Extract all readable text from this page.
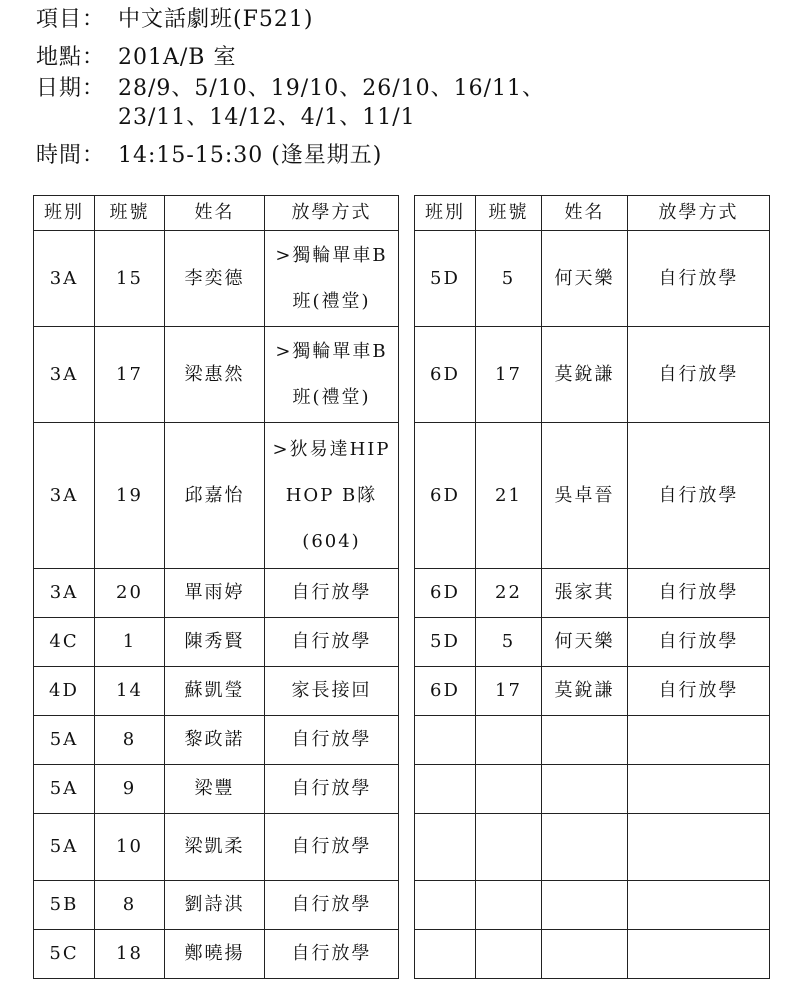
項目： 中文話劇班(F521)
地點： 201A/B 室
日期： 28/9、5/10、19/10、26/10、16/11、
23/11、14/12、4/1、11/1
時間： 14:15-15:30 (逢星期五)
班別	班號	姓名	放學方式
3A	15	李奕德	>獨輪單車B班(禮堂)
3A	17	梁惠然	>獨輪單車B班(禮堂)
3A	19	邱嘉怡	>狄易達HIP HOP B隊(604)
3A	20	單雨婷	自行放學
4C	1	陳秀賢	自行放學
4D	14	蘇凱瑩	家長接回
5A	8	黎政諾	自行放學
5A	9	梁豐	自行放學
5A	10	梁凱柔	自行放學
5B	8	劉詩淇	自行放學
5C	18	鄭曉揚	自行放學
班別	班號	姓名	放學方式
5D	5	何天樂	自行放學
6D	17	莫銳謙	自行放學
6D	21	吳卓晉	自行放學
6D	22	張家萁	自行放學
5D	5	何天樂	自行放學
6D	17	莫銳謙	自行放學
